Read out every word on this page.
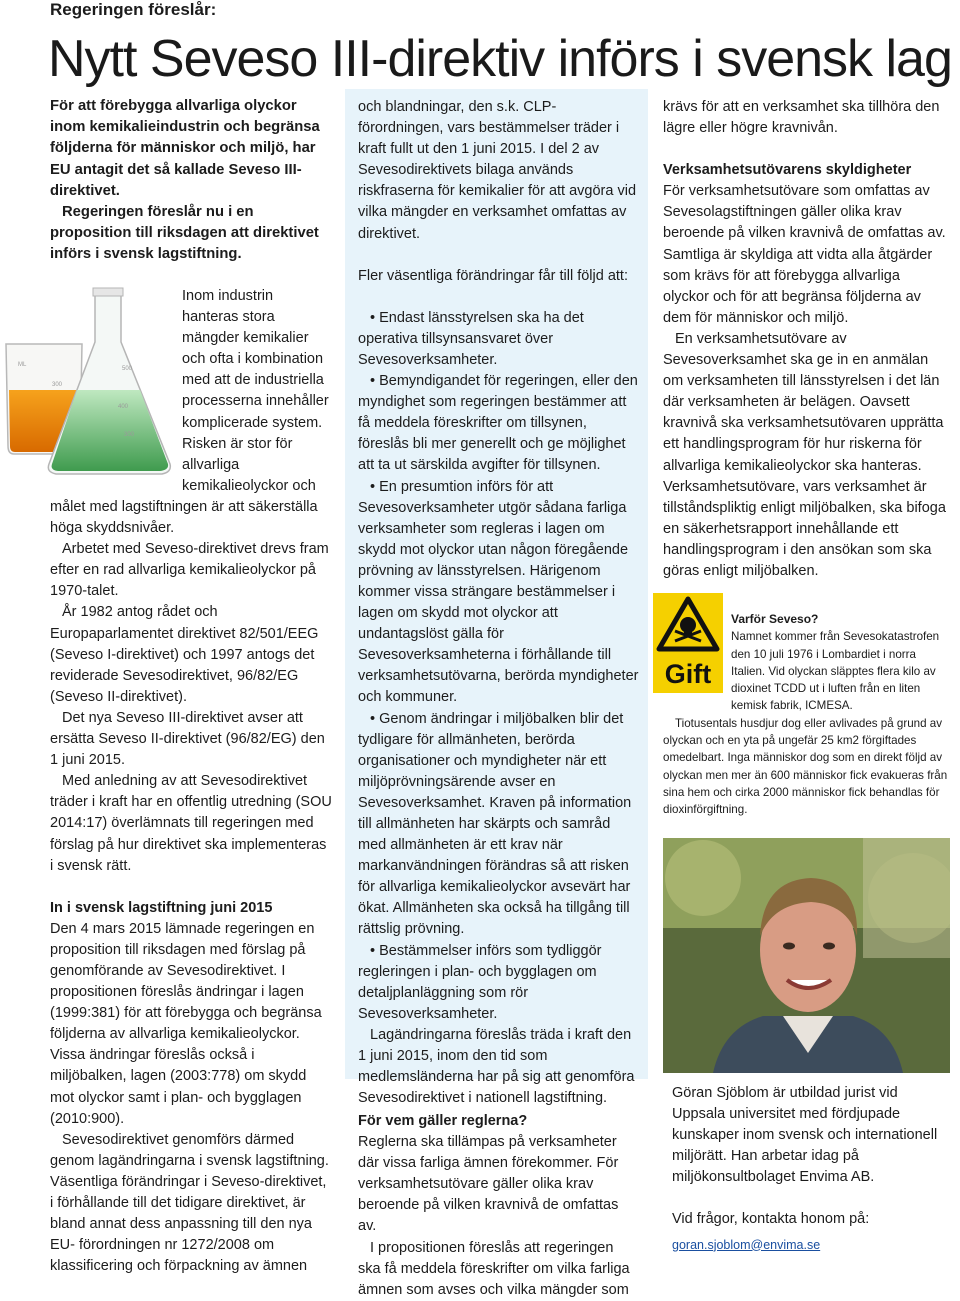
Regeringen föreslår:
Nytt Seveso III-direktiv införs i svensk lag

För att förebygga allvarliga olyckor inom kemikalieindustrin och begränsa följderna för människor och miljö, har EU antagit det så kallade Seveso III-direktivet.

Regeringen föreslår nu i en proposition till riksdagen att direktivet införs i svensk lagstiftning.

500
400
300
ML
300
Inom industrin hanteras stora mängder kemikalier och ofta i kombination med att de industriella processerna innehåller komplicerade system. Risken är stor för allvarliga kemikalieolyckor och

målet med lagstiftningen är att säkerställa höga skyddsnivåer.

Arbetet med Seveso-direktivet drevs fram efter en rad allvarliga kemikalieolyckor på 1970-talet.

År 1982 antog rådet och Europaparlamentet direktivet 82/501/EEG (Seveso I-direktivet) och 1997 antogs det reviderade Sevesodirektivet, 96/82/EG (Seveso II-direktivet).

Det nya Seveso III-direktivet avser att ersätta Seveso II-direktivet (96/82/EG) den 1 juni 2015.

Med anledning av att Sevesodirektivet träder i kraft har en offentlig utredning (SOU 2014:17) överlämnats till regeringen med förslag på hur direktivet ska implementeras i svensk rätt.

In i svensk lagstiftning juni 2015

Den 4 mars 2015 lämnade regeringen en proposition till riksdagen med förslag på genomförande av Sevesodirektivet. I propositionen föreslås ändringar i lagen (1999:381) för att förebygga och begränsa följderna av allvarliga kemikalieolyckor. Vissa ändringar föreslås också i miljöbalken, lagen (2003:778) om skydd mot olyckor samt i plan- och bygglagen (2010:900).

Sevesodirektivet genomförs därmed genom lagändringarna i svensk lagstiftning. Väsentliga förändringar i Seveso-direktivet, i förhållande till det tidigare direktivet, är bland annat dess anpassning till den nya EU- förordningen nr 1272/2008 om klassificering och förpackning av ämnen

och blandningar, den s.k. CLP-förordningen, vars bestämmelser träder i kraft fullt ut den 1 juni 2015. I del 2 av Sevesodirektivets bilaga används riskfraserna för kemikalier för att avgöra vid vilka mängder en verksamhet omfattas av direktivet.

Fler väsentliga förändringar får till följd att:

• Endast länsstyrelsen ska ha det operativa tillsynsansvaret över Sevesoverksamheter.

• Bemyndigandet för regeringen, eller den myndighet som regeringen bestämmer att få meddela föreskrifter om tillsynen, föreslås bli mer generellt och ge möjlighet att ta ut särskilda avgifter för tillsynen.

• En presumtion införs för att Sevesoverksamheter utgör sådana farliga verksamheter som regleras i lagen om skydd mot olyckor utan någon föregående prövning av länsstyrelsen. Härigenom kommer vissa strängare bestämmelser i lagen om skydd mot olyckor att undantagslöst gälla för Sevesoverksamheterna i förhållande till verksamhetsutövarna, berörda myndigheter och kommuner.

• Genom ändringar i miljöbalken blir det tydligare för allmänheten, berörda organisationer och myndigheter när ett miljöprövningsärende avser en Sevesoverksamhet. Kraven på information till allmänheten har skärpts och samråd med allmänheten är ett krav när markanvändningen förändras så att risken för allvarliga kemikalieolyckor avsevärt har ökat. Allmänheten ska också ha tillgång till rättslig prövning.

• Bestämmelser införs som tydliggör regleringen i plan- och bygglagen om detaljplanläggning som rör Sevesoverksamheter.

Lagändringarna föreslås träda i kraft den 1 juni 2015, inom den tid som medlemsländerna har på sig att genomföra Sevesodirektivet i nationell lagstiftning.

För vem gäller reglerna?

Reglerna ska tillämpas på verksamheter där vissa farliga ämnen förekommer. För verksamhetsutövare gäller olika krav beroende på vilken kravnivå de omfattas av.

I propositionen föreslås att regeringen ska få meddela föreskrifter om vilka farliga ämnen som avses och vilka mängder som

krävs för att en verksamhet ska tillhöra den lägre eller högre kravnivån.

Verksamhetsutövarens skyldigheter

För verksamhetsutövare som omfattas av Sevesolagstiftningen gäller olika krav beroende på vilken kravnivå de omfattas av. Samtliga är skyldiga att vidta alla åtgärder som krävs för att förebygga allvarliga olyckor och för att begränsa följderna av dem för människor och miljö.

En verksamhetsutövare av Sevesoverksamhet ska ge in en anmälan om verksamheten till länsstyrelsen i det län där verksamheten är belägen. Oavsett kravnivå ska verksamhetsutövaren upprätta ett handlingsprogram för hur riskerna för allvarliga kemikalieolyckor ska hanteras. Verksamhetsutövare, vars verksamhet är tillståndspliktig enligt miljöbalken, ska bifoga en säkerhetsrapport innehållande ett handlingsprogram i den ansökan som ska göras enligt miljöbalken.

Gift

Varför Seveso?

Namnet kommer från Sevesokatastrofen den 10 juli 1976 i Lombardiet i norra Italien. Vid olyckan släpptes flera kilo av dioxinet TCDD ut i luften från en liten kemisk fabrik, ICMESA.

Tiotusentals husdjur dog eller avlivades på grund av olyckan och en yta på ungefär 25 km2 förgiftades omedelbart. Inga människor dog som en direkt följd av olyckan men mer än 600 människor fick evakueras från sina hem och cirka 2000 människor fick behandlas för dioxinförgiftning.

Göran Sjöblom är utbildad jurist vid Uppsala universitet med fördjupade kunskaper inom svensk och internationell miljörätt. Han arbetar idag på miljökonsultbolaget Envima AB.

Vid frågor, kontakta honom på:

goran.sjoblom@envima.se
